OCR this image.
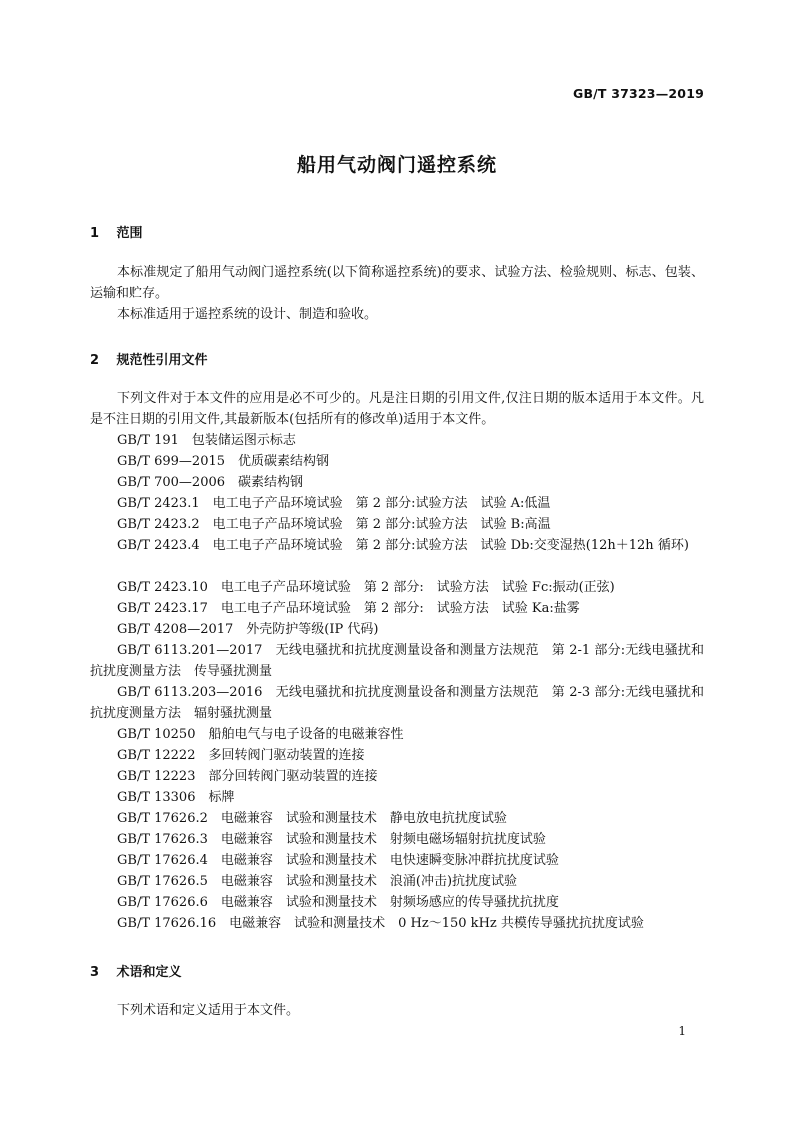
GB/T 37323—2019
船用气动阀门遥控系统
1 范围

本标准规定了船用气动阀门遥控系统(以下简称遥控系统)的要求、试验方法、检验规则、标志、包装、运输和贮存。

本标准适用于遥控系统的设计、制造和验收。

2 规范性引用文件

下列文件对于本文件的应用是必不可少的。凡是注日期的引用文件,仅注日期的版本适用于本文件。凡是不注日期的引用文件,其最新版本(包括所有的修改单)适用于本文件。

GB/T 191　包装储运图示标志
GB/T 699—2015　优质碳素结构钢
GB/T 700—2006　碳素结构钢
GB/T 2423.1　电工电子产品环境试验　第 2 部分:试验方法　试验 A:低温
GB/T 2423.2　电工电子产品环境试验　第 2 部分:试验方法　试验 B:高温

GB/T 2423.4　电工电子产品环境试验　第 2 部分:试验方法　试验 Db:交变湿热(12h＋12h 循环)

GB/T 2423.10　电工电子产品环境试验　第 2 部分:　试验方法　试验 Fc:振动(正弦)
GB/T 2423.17　电工电子产品环境试验　第 2 部分:　试验方法　试验 Ka:盐雾
GB/T 4208—2017　外壳防护等级(IP 代码)

GB/T 6113.201—2017　无线电骚扰和抗扰度测量设备和测量方法规范　第 2-1 部分:无线电骚扰和抗扰度测量方法　传导骚扰测量

GB/T 6113.203—2016　无线电骚扰和抗扰度测量设备和测量方法规范　第 2-3 部分:无线电骚扰和抗扰度测量方法　辐射骚扰测量

GB/T 10250　船舶电气与电子设备的电磁兼容性
GB/T 12222　多回转阀门驱动装置的连接
GB/T 12223　部分回转阀门驱动装置的连接
GB/T 13306　标牌
GB/T 17626.2　电磁兼容　试验和测量技术　静电放电抗扰度试验
GB/T 17626.3　电磁兼容　试验和测量技术　射频电磁场辐射抗扰度试验
GB/T 17626.4　电磁兼容　试验和测量技术　电快速瞬变脉冲群抗扰度试验
GB/T 17626.5　电磁兼容　试验和测量技术　浪涌(冲击)抗扰度试验
GB/T 17626.6　电磁兼容　试验和测量技术　射频场感应的传导骚扰抗扰度
GB/T 17626.16　电磁兼容　试验和测量技术　0 Hz～150 kHz 共模传导骚扰抗扰度试验
3 术语和定义

下列术语和定义适用于本文件。

1
